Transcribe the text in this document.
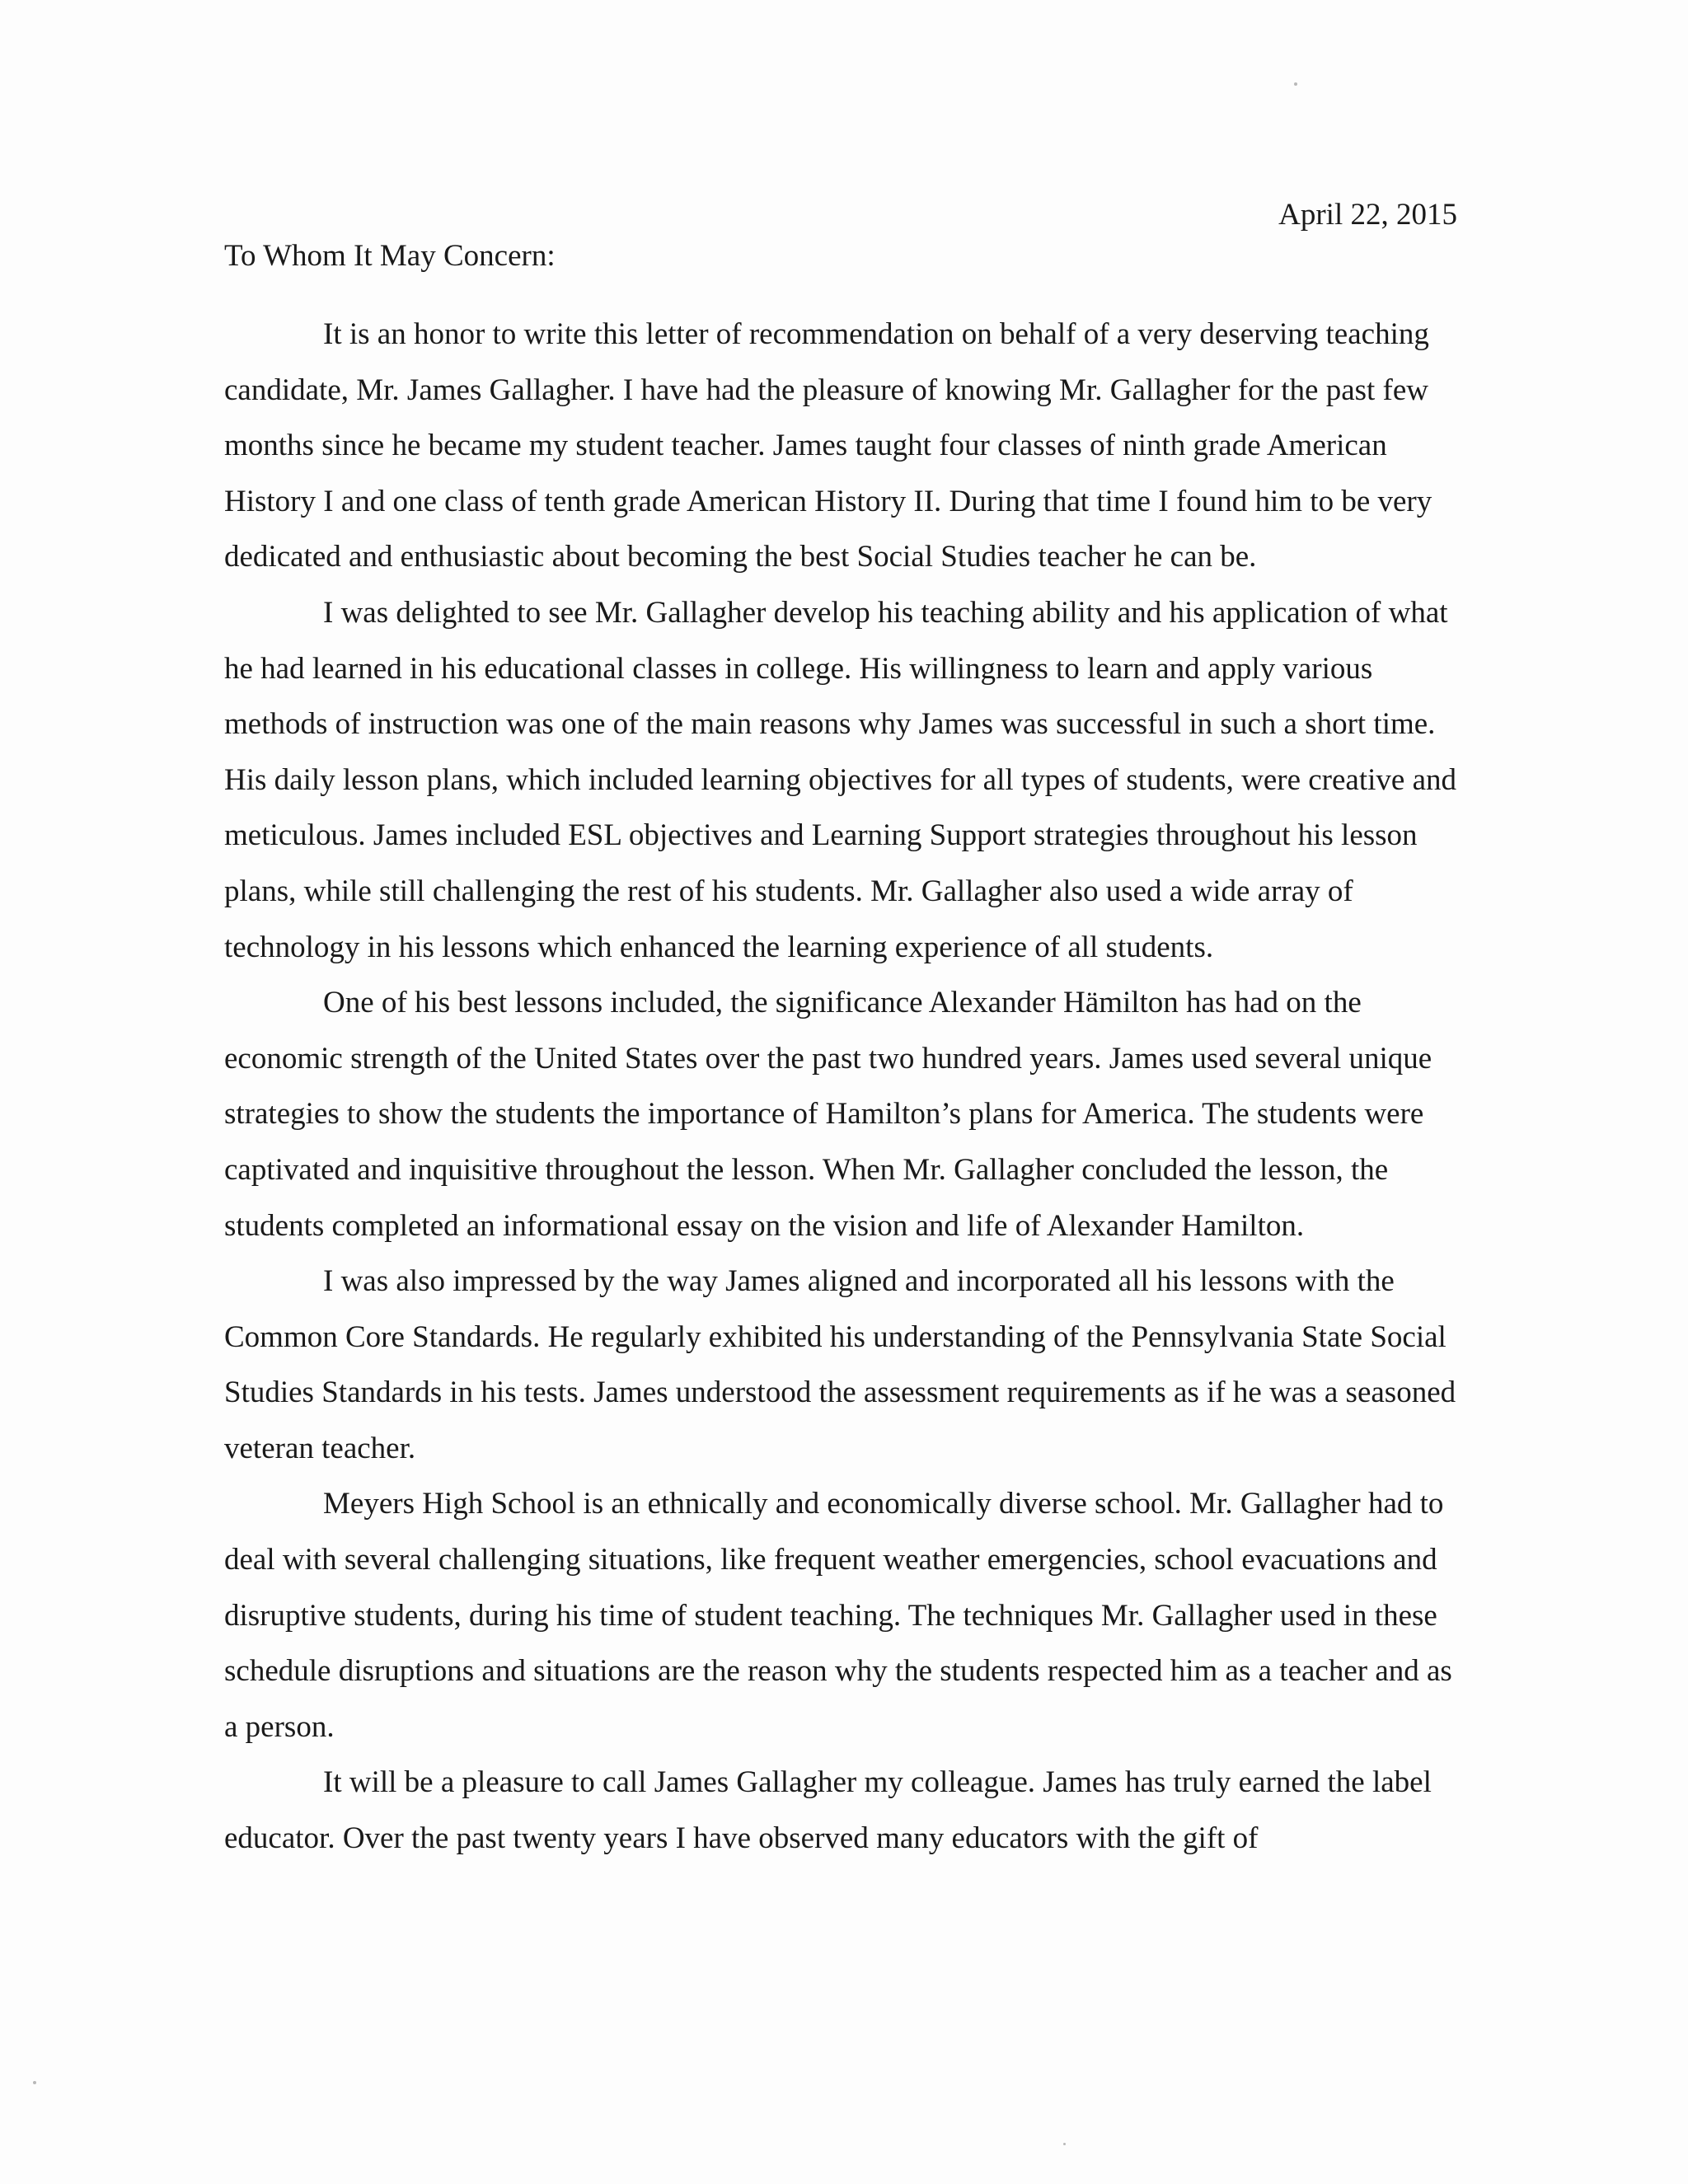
April 22, 2015
To Whom It May Concern:

It is an honor to write this letter of recommendation on behalf of a very deserving teaching candidate, Mr. James Gallagher. I have had the pleasure of knowing Mr. Gallagher for the past few months since he became my student teacher. James taught four classes of ninth grade American History I and one class of tenth grade American History II. During that time I found him to be very dedicated and enthusiastic about becoming the best Social Studies teacher he can be.

I was delighted to see Mr. Gallagher develop his teaching ability and his application of what he had learned in his educational classes in college. His willingness to learn and apply various methods of instruction was one of the main reasons why James was successful in such a short time. His daily lesson plans, which included learning objectives for all types of students, were creative and meticulous. James included ESL objectives and Learning Support strategies throughout his lesson plans, while still challenging the rest of his students. Mr. Gallagher also used a wide array of technology in his lessons which enhanced the learning experience of all students.

One of his best lessons included, the significance Alexander Hämilton has had on the economic strength of the United States over the past two hundred years. James used several unique strategies to show the students the importance of Hamilton’s plans for America. The students were captivated and inquisitive throughout the lesson. When Mr. Gallagher concluded the lesson, the students completed an informational essay on the vision and life of Alexander Hamilton.

I was also impressed by the way James aligned and incorporated all his lessons with the Common Core Standards. He regularly exhibited his understanding of the Pennsylvania State Social Studies Standards in his tests. James understood the assessment requirements as if he was a seasoned veteran teacher.

Meyers High School is an ethnically and economically diverse school. Mr. Gallagher had to deal with several challenging situations, like frequent weather emergencies, school evacuations and disruptive students, during his time of student teaching. The techniques Mr. Gallagher used in these schedule disruptions and situations are the reason why the students respected him as a teacher and as a person.

It will be a pleasure to call James Gallagher my colleague. James has truly earned the label educator. Over the past twenty years I have observed many educators with the gift of
